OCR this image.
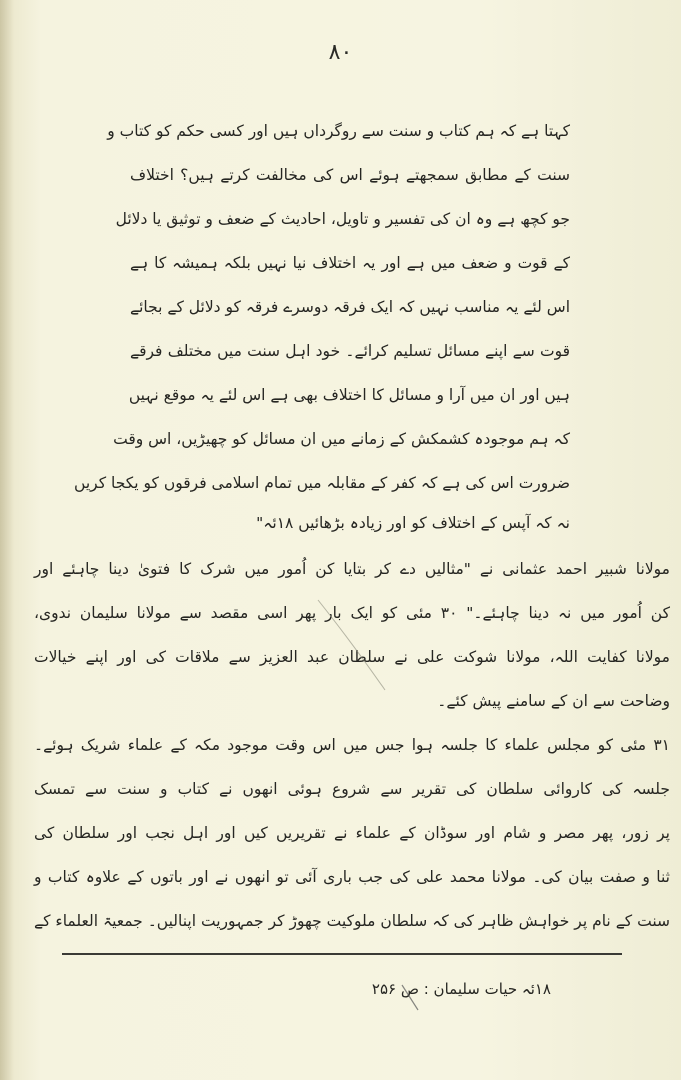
۸۰
کہتا ہے کہ ہم کتاب و سنت سے روگرداں ہیں اور کسی حکم کو کتاب و
سنت کے مطابق سمجھتے ہوئے اس کی مخالفت کرتے ہیں؟ اختلاف
جو کچھ ہے وہ ان کی تفسیر و تاویل، احادیث کے ضعف و توثیق یا دلائل
کے قوت و ضعف میں ہے اور یہ اختلاف نیا نہیں بلکہ ہمیشہ کا ہے
اس لئے یہ مناسب نہیں کہ ایک فرقہ دوسرے فرقہ کو دلائل کے بجائے
قوت سے اپنے مسائل تسلیم کرائے۔ خود اہل سنت میں مختلف فرقے
ہیں اور ان میں آرا و مسائل کا اختلاف بھی ہے اس لئے یہ موقع نہیں
کہ ہم موجودہ کشمکش کے زمانے میں ان مسائل کو چھیڑیں، اس وقت
ضرورت اس کی ہے کہ کفر کے مقابلہ میں تمام اسلامی فرقوں کو یکجا کریں
نہ کہ آپس کے اختلاف کو اور زیادہ بڑھائیں ۱۸ئہ"
مولانا شبیر احمد عثمانی نے "مثالیں دے کر بتایا کن اُمور میں شرک کا فتویٰ دینا چاہئے اور
کن اُمور میں نہ دینا چاہئے۔" ۳۰ مئی کو ایک بار پھر اسی مقصد سے مولانا سلیمان ندوی،
مولانا کفایت اللہ، مولانا شوکت علی نے سلطان عبد العزیز سے ملاقات کی اور اپنے خیالات
وضاحت سے ان کے سامنے پیش کئے۔
۳۱ مئی کو مجلس علماء کا جلسہ ہوا جس میں اس وقت موجود مکہ کے علماء شریک ہوئے۔
جلسہ کی کاروائی سلطان کی تقریر سے شروع ہوئی انھوں نے کتاب و سنت سے تمسک
پر زور، پھر مصر و شام اور سوڈان کے علماء نے تقریریں کیں اور اہل نجب اور سلطان کی
ثنا و صفت بیان کی۔ مولانا محمد علی کی جب باری آئی تو انھوں نے اور باتوں کے علاوہ کتاب و
سنت کے نام پر خواہش ظاہر کی کہ سلطان ملوکیت چھوڑ کر جمہوریت اپنالیں۔ جمعیۃ العلماء کے
۱۸ئہ حیات سلیمان : ص ۲۵۶
